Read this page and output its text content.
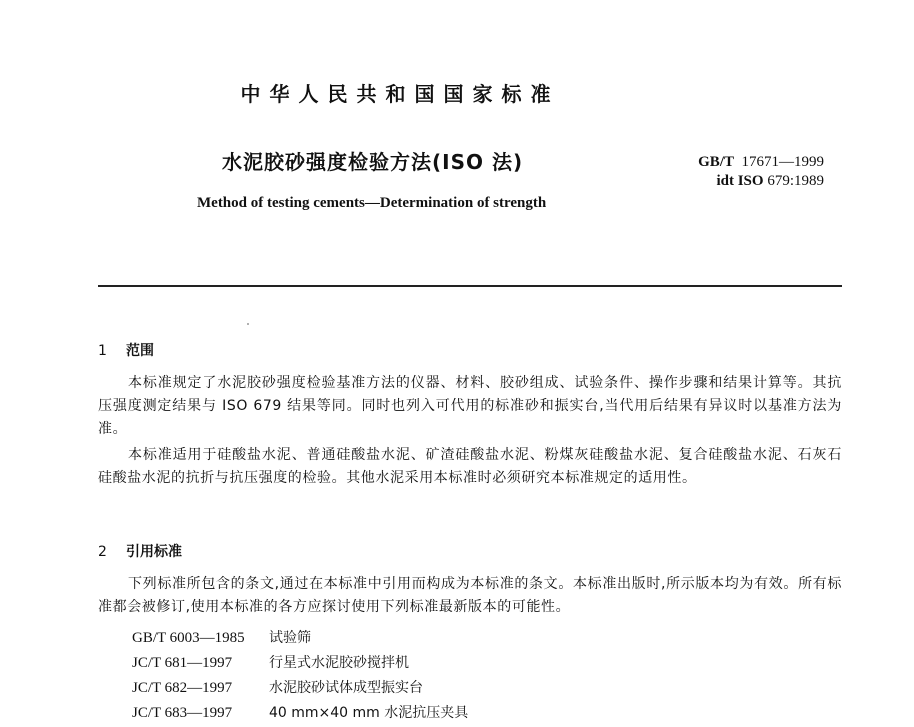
中华人民共和国国家标准
水泥胶砂强度检验方法(ISO 法)
Method of testing cements—Determination of strength
GB/T 17671—1999
idt ISO 679:1989
1 范围
本标准规定了水泥胶砂强度检验基准方法的仪器、材料、胶砂组成、试验条件、操作步骤和结果计算等。其抗压强度测定结果与 ISO 679 结果等同。同时也列入可代用的标准砂和振实台,当代用后结果有异议时以基准方法为准。
本标准适用于硅酸盐水泥、普通硅酸盐水泥、矿渣硅酸盐水泥、粉煤灰硅酸盐水泥、复合硅酸盐水泥、石灰石硅酸盐水泥的抗折与抗压强度的检验。其他水泥采用本标准时必须研究本标准规定的适用性。
2 引用标准
下列标准所包含的条文,通过在本标准中引用而构成为本标准的条文。本标准出版时,所示版本均为有效。所有标准都会被修订,使用本标准的各方应探讨使用下列标准最新版本的可能性。
GB/T 6003—1985 试验筛
JC/T 681—1997	行星式水泥胶砂搅拌机
JC/T 682—1997	水泥胶砂试体成型振实台
JC/T 683—1997	40 mm×40 mm 水泥抗压夹具
